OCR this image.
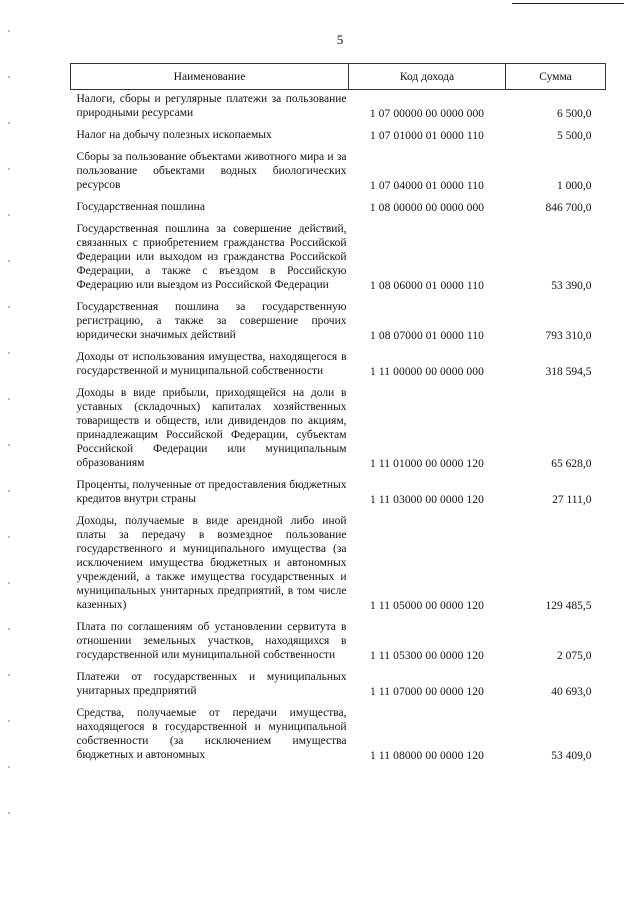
5
Наименование	Код дохода	Сумма
Налоги, сборы и регулярные платежи за пользование природными ресурсами	1 07 00000 00 0000 000	6 500,0
Налог на добычу полезных ископаемых	1 07 01000 01 0000 110	5 500,0
Сборы за пользование объектами животного мира и за пользование объектами водных биологических ресурсов	1 07 04000 01 0000 110	1 000,0
Государственная пошлина	1 08 00000 00 0000 000	846 700,0
Государственная пошлина за совершение действий, связанных с приобретением гражданства Российской Федерации или выходом из гражданства Российской Федерации, а также с въездом в Российскую Федерацию или выездом из Российской Федерации	1 08 06000 01 0000 110	53 390,0
Государственная пошлина за государственную регистрацию, а также за совершение прочих юридически значимых действий	1 08 07000 01 0000 110	793 310,0
Доходы от использования имущества, находящегося в государственной и муниципальной собственности	1 11 00000 00 0000 000	318 594,5
Доходы в виде прибыли, приходящейся на доли в уставных (складочных) капиталах хозяйственных товариществ и обществ, или дивидендов по акциям, принадлежащим Российской Федерации, субъектам Российской Федерации или муниципальным образованиям	1 11 01000 00 0000 120	65 628,0
Проценты, полученные от предоставления бюджетных кредитов внутри страны	1 11 03000 00 0000 120	27 111,0
Доходы, получаемые в виде арендной либо иной платы за передачу в возмездное пользование государственного и муниципального имущества (за исключением имущества бюджетных и автономных учреждений, а также имущества государственных и муниципальных унитарных предприятий, в том числе казенных)	1 11 05000 00 0000 120	129 485,5
Плата по соглашениям об установлении сервитута в отношении земельных участков, находящихся в государственной или муниципальной собственности	1 11 05300 00 0000 120	2 075,0
Платежи от государственных и муниципальных унитарных предприятий	1 11 07000 00 0000 120	40 693,0
Средства, получаемые от передачи имущества, находящегося в государственной и муниципальной собственности (за исключением имущества бюджетных и автономных	1 11 08000 00 0000 120	53 409,0
